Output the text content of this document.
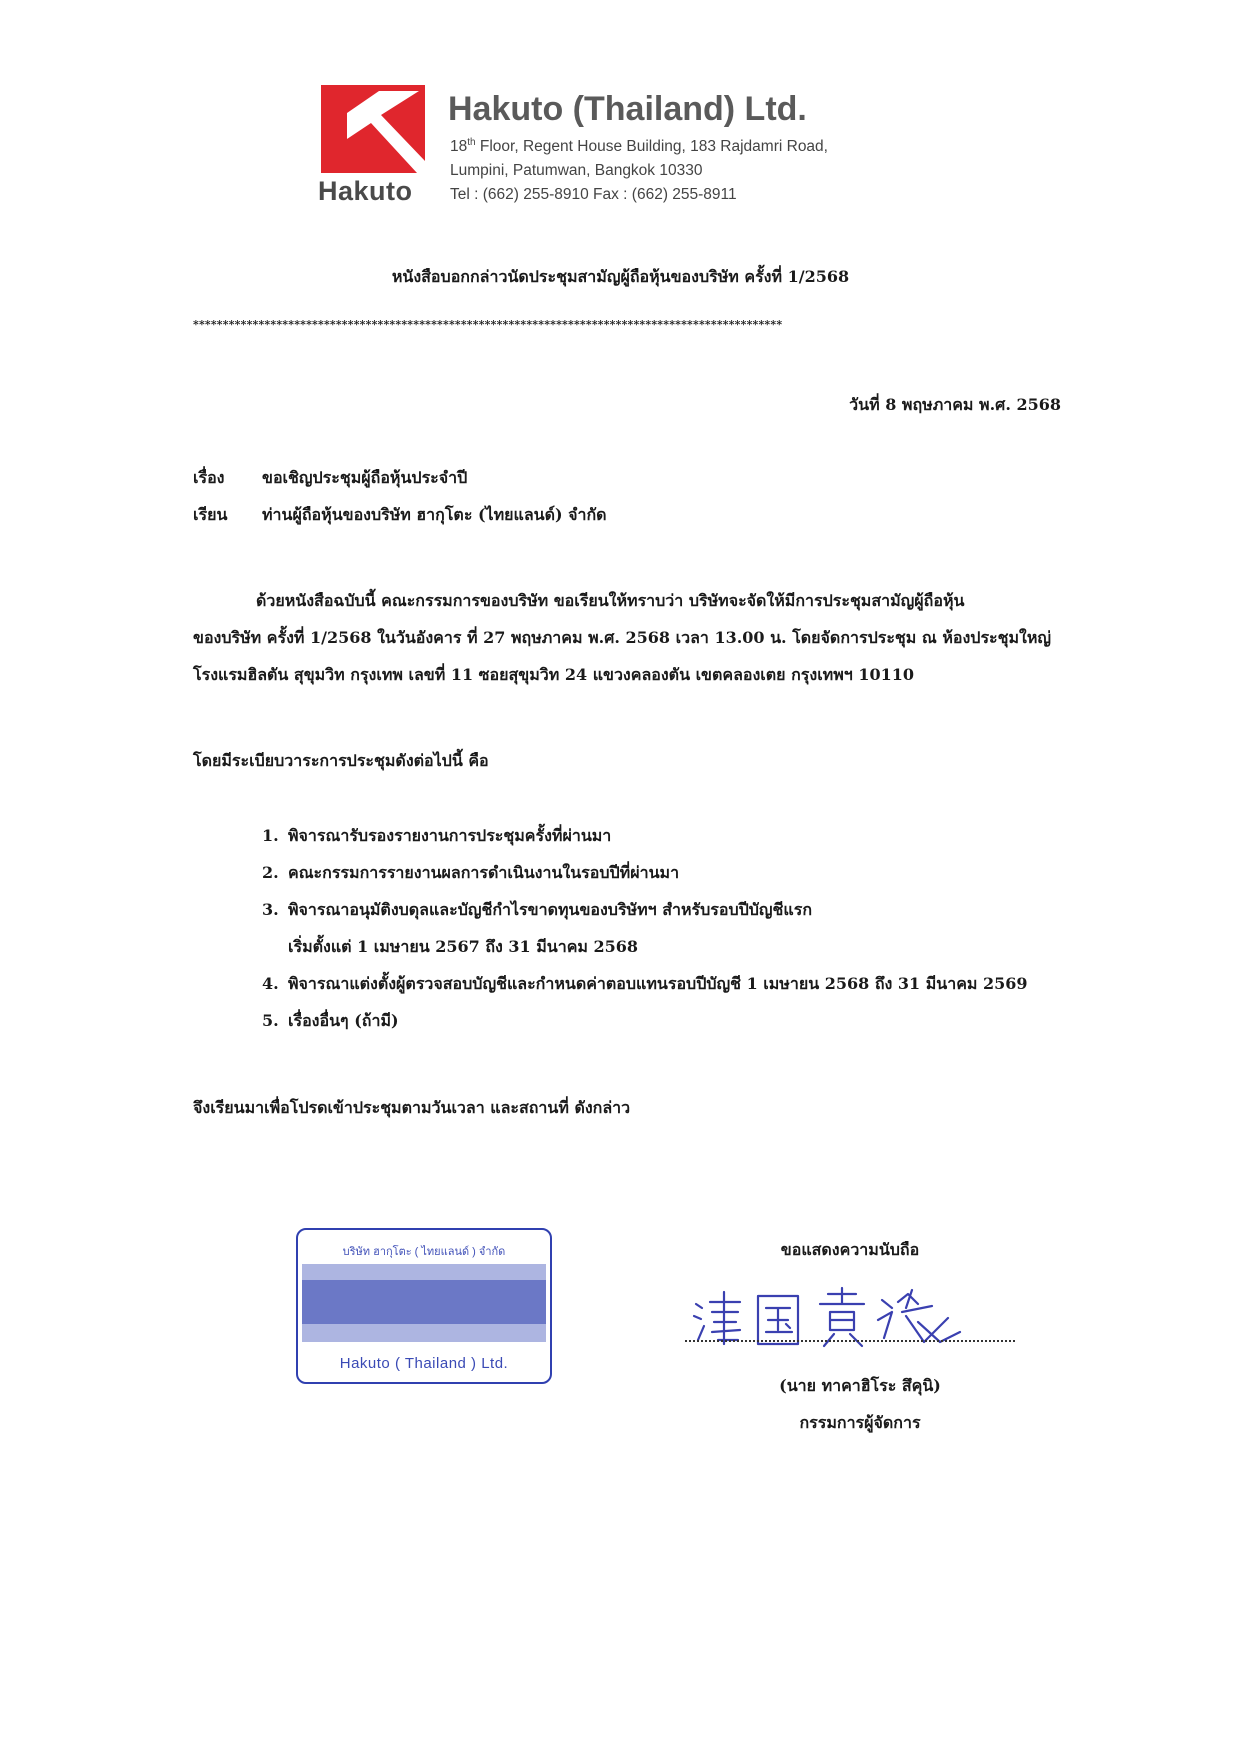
Hakuto
Hakuto (Thailand) Ltd.
18th Floor, Regent House Building, 183 Rajdamri Road,
Lumpini, Patumwan, Bangkok 10330
Tel : (662) 255-8910 Fax : (662) 255-8911
หนังสือบอกกล่าวนัดประชุมสามัญผู้ถือหุ้นของบริษัท ครั้งที่ 1/2568
***************************************************************************************************
วันที่ 8 พฤษภาคม พ.ศ. 2568
เรื่อง ขอเชิญประชุมผู้ถือหุ้นประจำปี
เรียน ท่านผู้ถือหุ้นของบริษัท ฮากุโตะ (ไทยแลนด์) จำกัด
ด้วยหนังสือฉบับนี้ คณะกรรมการของบริษัท ขอเรียนให้ทราบว่า บริษัทจะจัดให้มีการประชุมสามัญผู้ถือหุ้น
ของบริษัท ครั้งที่ 1/2568 ในวันอังคาร ที่ 27 พฤษภาคม พ.ศ. 2568 เวลา 13.00 น. โดยจัดการประชุม ณ ห้องประชุมใหญ่
โรงแรมฮิลตัน สุขุมวิท กรุงเทพ เลขที่ 11 ซอยสุขุมวิท 24 แขวงคลองตัน เขตคลองเตย กรุงเทพฯ 10110
โดยมีระเบียบวาระการประชุมดังต่อไปนี้ คือ
1. พิจารณารับรองรายงานการประชุมครั้งที่ผ่านมา
2. คณะกรรมการรายงานผลการดำเนินงานในรอบปีที่ผ่านมา
3. พิจารณาอนุมัติงบดุลและบัญชีกำไรขาดทุนของบริษัทฯ สำหรับรอบปีบัญชีแรก
เริ่มตั้งแต่ 1 เมษายน 2567 ถึง 31 มีนาคม 2568
4. พิจารณาแต่งตั้งผู้ตรวจสอบบัญชีและกำหนดค่าตอบแทนรอบปีบัญชี 1 เมษายน 2568 ถึง 31 มีนาคม 2569
5. เรื่องอื่นๆ (ถ้ามี)
จึงเรียนมาเพื่อโปรดเข้าประชุมตามวันเวลา และสถานที่ ดังกล่าว
บริษัท ฮากุโตะ ( ไทยแลนด์ ) จำกัด
Hakuto ( Thailand ) Ltd.
ขอแสดงความนับถือ
(นาย ทาคาฮิโระ สึคุนิ)
กรรมการผู้จัดการ
